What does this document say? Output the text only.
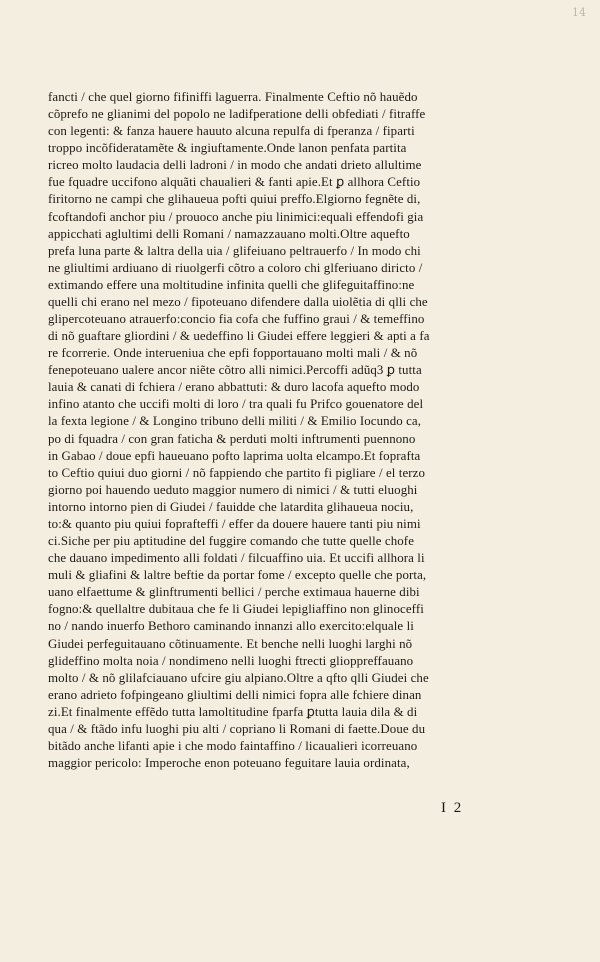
14
fancti / che quel giorno fifiniffi laguerra. Finalmente Ceftio nõ hauẽdo
cõprefo ne glianimi del popolo ne ladifperatione delli obfediati / fitraffe
con legenti: & fanza hauere hauuto alcuna repulfa di fperanza / fiparti
troppo incõfideratamẽte & ingiuftamente.Onde lanon penfata partita
ricreo molto laudacia delli ladroni / in modo che andati drieto allultime
fue fquadre uccifono alquãti chaualieri & fanti apie.Et ꝑ allhora Ceftio
firitorno ne campi che glihaueua pofti quiui preffo.Elgiorno fegnẽte di,
fcoftandofi anchor piu / prouoco anche piu linimici:equali effendofi gia
appicchati aglultimi delli Romani / namazzauano molti.Oltre aquefto
prefa luna parte & laltra della uia / glifeiuano peltrauerfo / In modo chi
ne gliultimi ardiuano di riuolgerfi cõtro a coloro chi glferiuano diricto /
extimando effere una moltitudine infinita quelli che glifeguitaffino:ne
quelli chi erano nel mezo / fipoteuano difendere dalla uiolẽtia di qlli che
glipercoteuano atrauerfo:concio fia cofa che fuffino graui / & temeffino
di nõ guaftare gliordini / & uedeffino li Giudei effere leggieri & apti a fa
re fcorrerie. Onde interueniua che epfi fopportauano molti mali / & nõ
fenepoteuano ualere ancor niẽte cõtro alli nimici.Percoffi adũq3 ꝑ tutta
lauia & canati di fchiera / erano abbattuti: & duro lacofa aquefto modo
infino atanto che uccifi molti di loro / tra quali fu Prifco gouenatore del
la fexta legione / & Longino tribuno delli militi / & Emilio Iocundo ca,
po di fquadra / con gran faticha & perduti molti inftrumenti puennono
in Gabao / doue epfi haueuano pofto laprima uolta elcampo.Et foprafta
to Ceftio quiui duo giorni / nõ fappiendo che partito fi pigliare / el terzo
giorno poi hauendo ueduto maggior numero di nimici / & tutti eluoghi
intorno intorno pien di Giudei / fauidde che latardita glihaueua nociu,
to:& quanto piu quiui foprafteffi / effer da douere hauere tanti piu nimi
ci.Siche per piu aptitudine del fuggire comando che tutte quelle chofe
che dauano impedimento alli foldati / filcuaffino uia. Et uccifi allhora li
muli & gliafini & laltre beftie da portar fome / excepto quelle che porta,
uano elfaettume & glinftrumenti bellici / perche extimaua hauerne dibi
fogno:& quellaltre dubitaua che fe li Giudei lepigliaffino non glinoceffi
no / nando inuerfo Bethoro caminando innanzi allo exercito:elquale li
Giudei perfeguitauano cõtinuamente. Et benche nelli luoghi larghi nõ
glideffino molta noia / nondimeno nelli luoghi ftrecti glioppreffauano
molto / & nõ glilafciauano ufcire giu alpiano.Oltre a qfto qlli Giudei che
erano adrieto fofpingeano gliultimi delli nimici fopra alle fchiere dinan
zi.Et finalmente effẽdo tutta lamoltitudine fparfa ꝑtutta lauia dila & di
qua / & ftãdo infu luoghi piu alti / copriano li Romani di faette.Doue du
bitãdo anche lifanti apie i che modo faintaffino / licaualieri icorreuano
maggior pericolo: Imperoche enon poteuano feguitare lauia ordinata,
I 2
